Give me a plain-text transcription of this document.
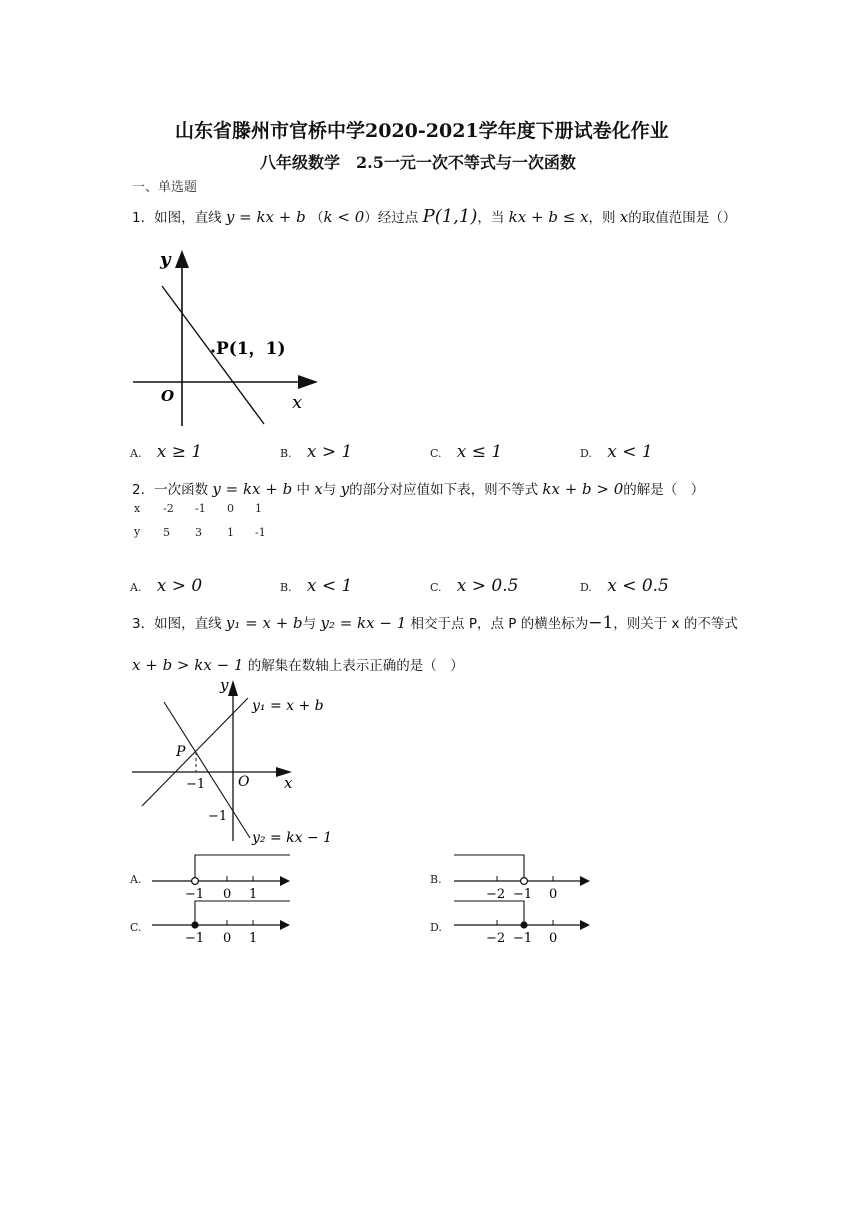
山东省滕州市官桥中学2020-2021学年度下册试卷化作业
八年级数学　2.5一元一次不等式与一次函数
一、单选题
1．如图，直线 y = kx + b （k < 0）经过点 P(1,1)，当 kx + b ≤ x，则 x的取值范围是（）
y
x
O
P(1，1)
A. x ≥ 1	B. x > 1	C. x ≤ 1	D. x < 1
2．一次函数 y = kx + b 中 x与 y的部分对应值如下表，则不等式 kx + b > 0的解是（　）
x	-2	-1	0	1
y	5	3	1	-1
A. x > 0	B. x < 1	C. x > 0.5	D. x < 0.5
3．如图，直线 y₁ = x + b与 y₂ = kx − 1 相交于点 P，点 P 的横坐标为−1，则关于 x 的不等式
x + b > kx − 1 的解集在数轴上表示正确的是（　）
y
x
O
P
−1
−1
y₁ = x + b
y₂ = kx − 1
A.
−1 0 1
B.
−2 −1 0
C.
−1 0 1
D.
−2 −1 0
